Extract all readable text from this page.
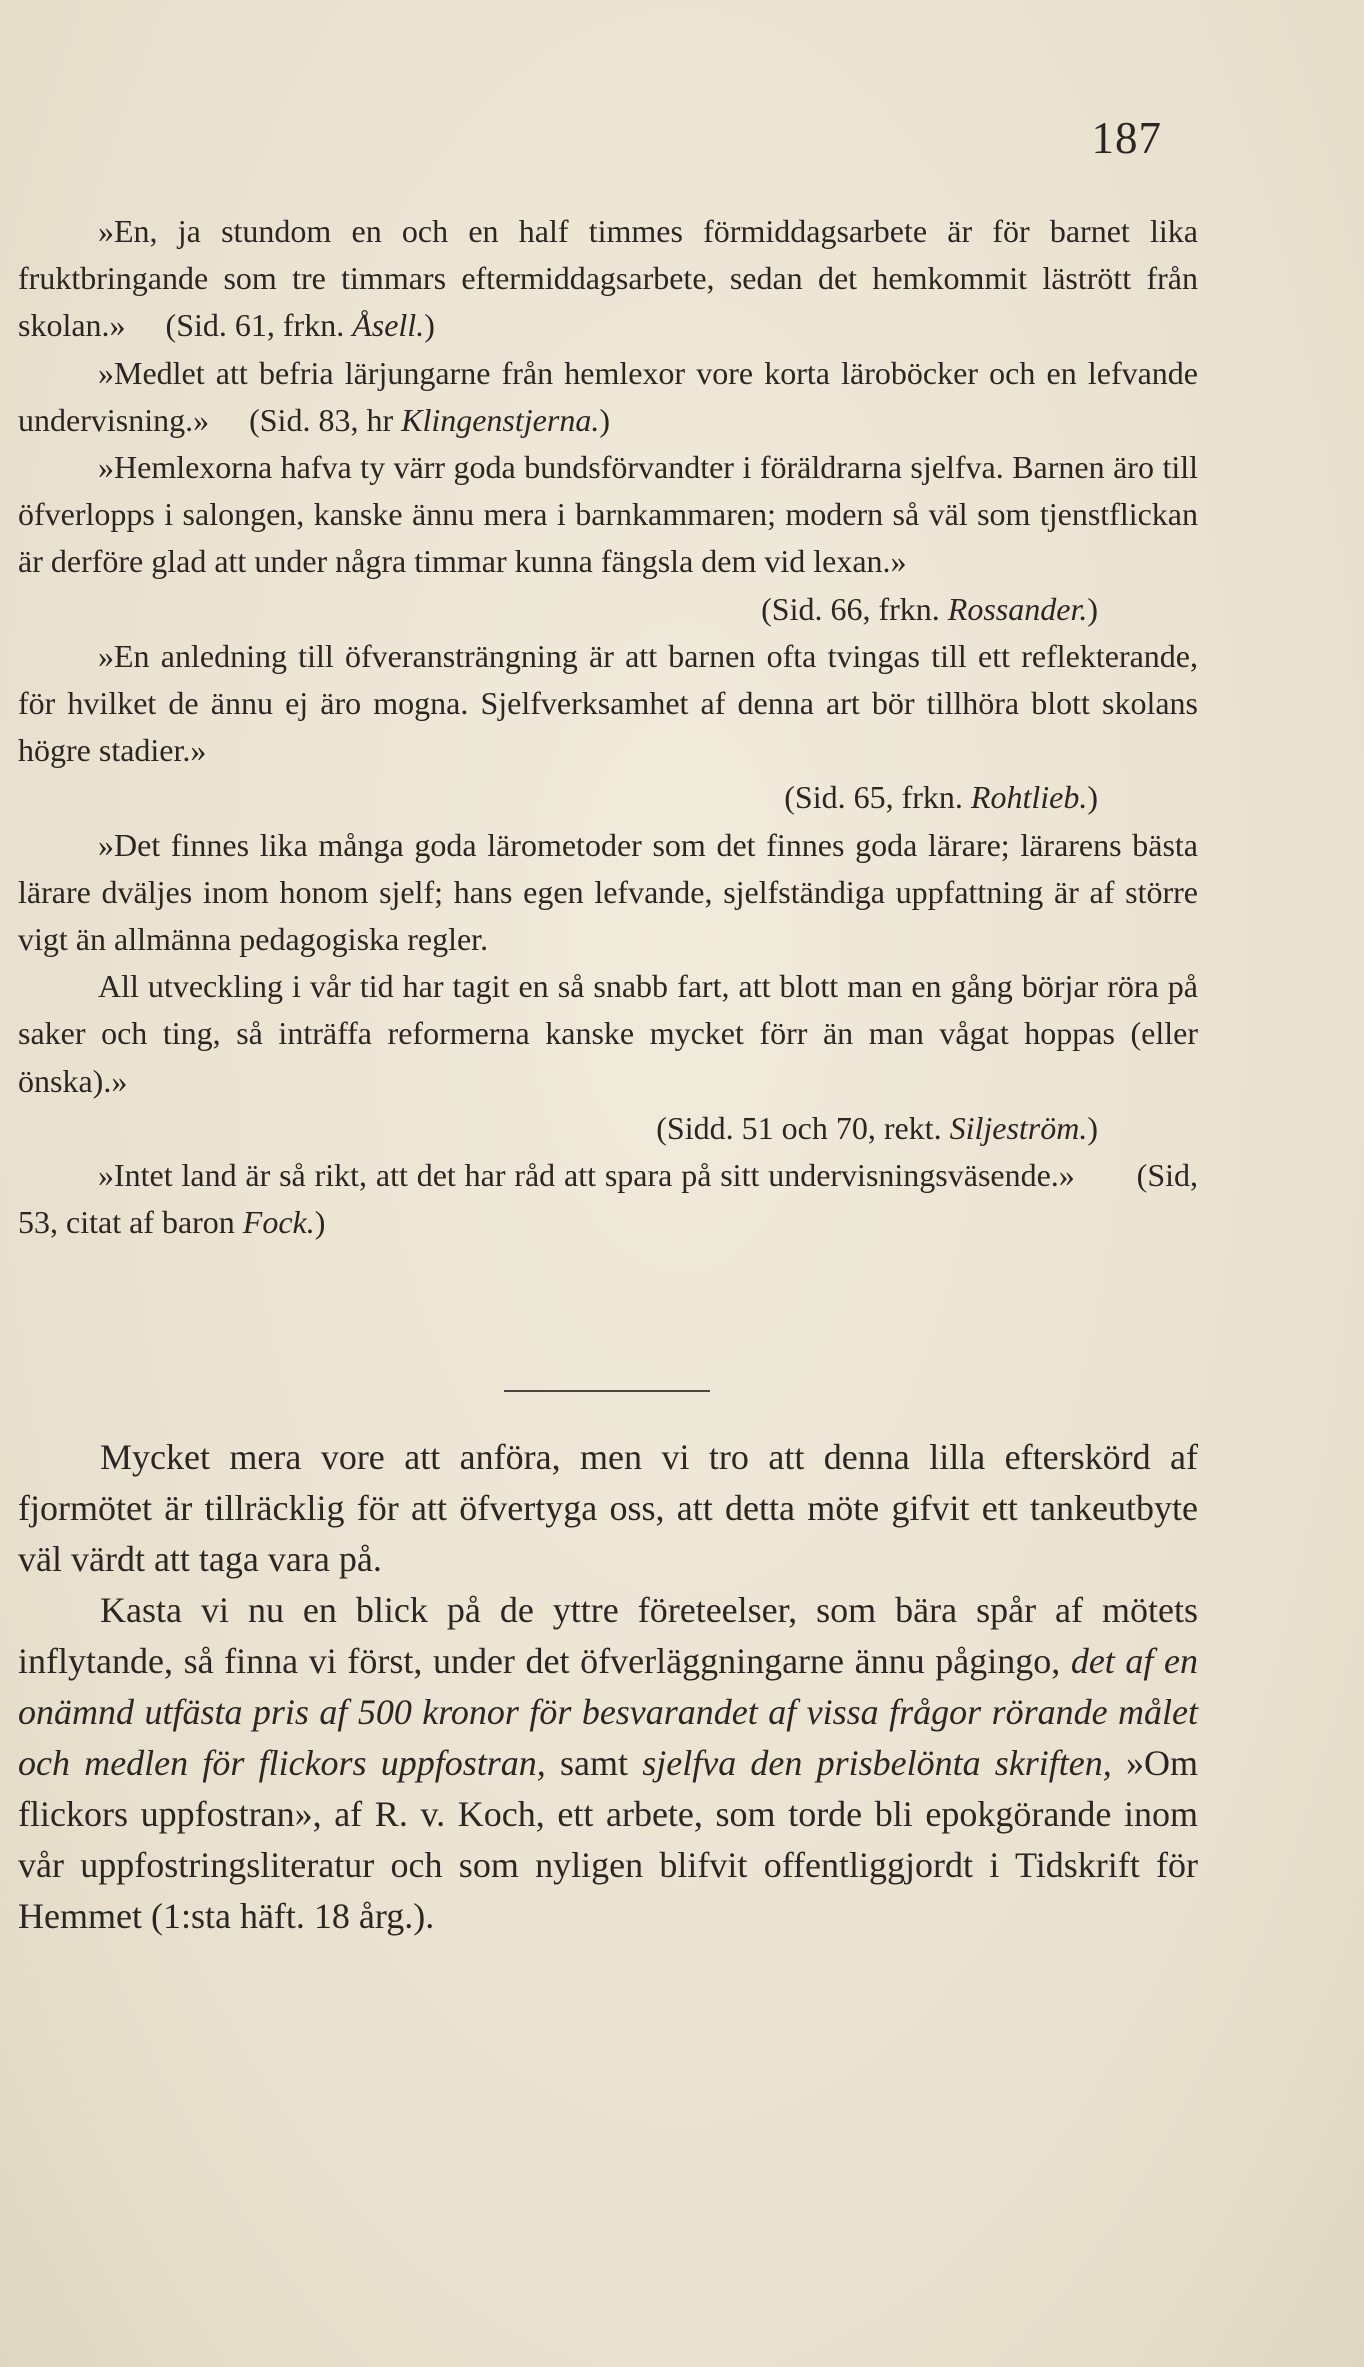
187

»En, ja stundom en och en half timmes förmiddagsarbete är för barnet lika fruktbringande som tre timmars eftermiddagsarbete, sedan det hemkommit lästrött från skolan.» (Sid. 61, frkn. Åsell.)

»Medlet att befria lärjungarne från hemlexor vore korta läroböcker och en lefvande undervisning.» (Sid. 83, hr Klingenstjerna.)

»Hemlexorna hafva ty värr goda bundsförvandter i föräldrarna sjelfva. Barnen äro till öfverlopps i salongen, kanske ännu mera i barnkammaren; modern så väl som tjenstflickan är derföre glad att under några timmar kunna fängsla dem vid lexan.»

(Sid. 66, frkn. Rossander.)

»En anledning till öfveransträngning är att barnen ofta tvingas till ett reflekterande, för hvilket de ännu ej äro mogna. Sjelfverksamhet af denna art bör tillhöra blott skolans högre stadier.»

(Sid. 65, frkn. Rohtlieb.)

»Det finnes lika många goda lärometoder som det finnes goda lärare; lärarens bästa lärare dväljes inom honom sjelf; hans egen lefvande, sjelfständiga uppfattning är af större vigt än allmänna pedagogiska regler.

All utveckling i vår tid har tagit en så snabb fart, att blott man en gång börjar röra på saker och ting, så inträffa reformerna kanske mycket förr än man vågat hoppas (eller önska).»

(Sidd. 51 och 70, rekt. Siljeström.)

»Intet land är så rikt, att det har råd att spara på sitt undervisningsväsende.» (Sid, 53, citat af baron Fock.)

Mycket mera vore att anföra, men vi tro att denna lilla efterskörd af fjormötet är tillräcklig för att öfvertyga oss, att detta möte gifvit ett tankeutbyte väl värdt att taga vara på.

Kasta vi nu en blick på de yttre företeelser, som bära spår af mötets inflytande, så finna vi först, under det öfverläggningarne ännu pågingo, det af en onämnd utfästa pris af 500 kronor för besvarandet af vissa frågor rörande målet och medlen för flickors uppfostran, samt sjelfva den prisbelönta skriften, »Om flickors uppfostran», af R. v. Koch, ett arbete, som torde bli epokgörande inom vår uppfostringsliteratur och som nyligen blifvit offentliggjordt i Tidskrift för Hemmet (1:sta häft. 18 årg.).
